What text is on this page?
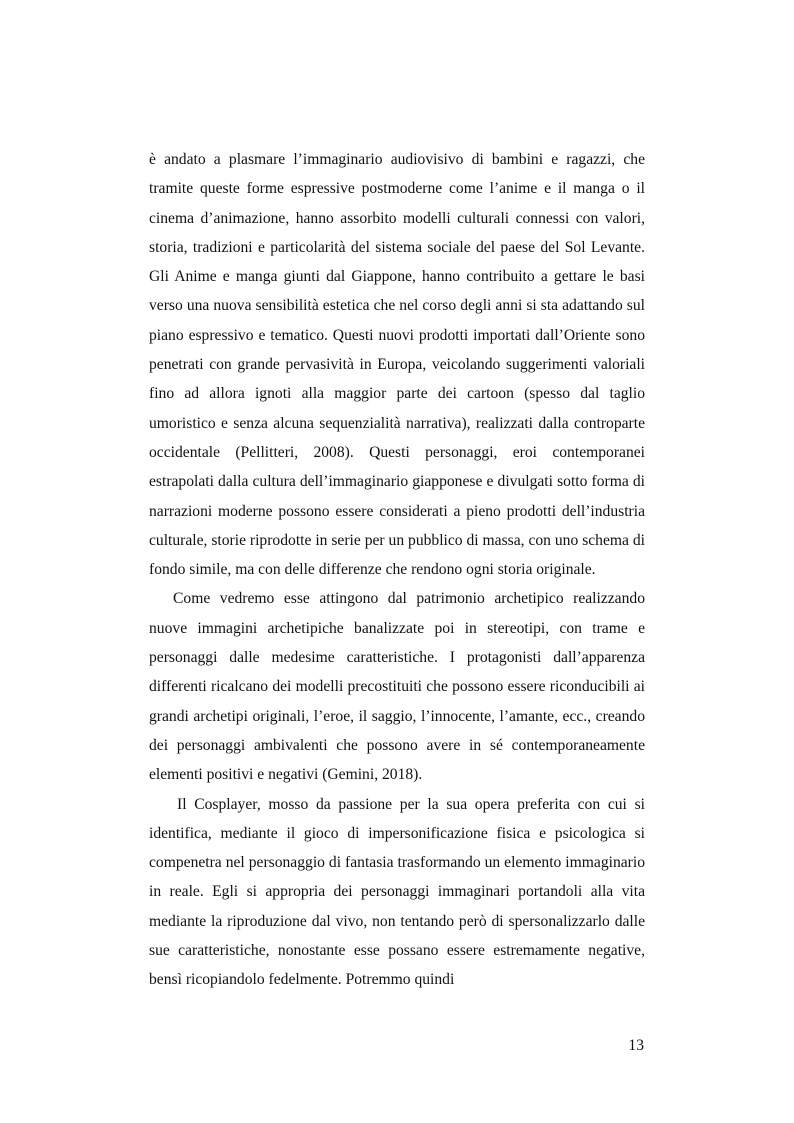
è andato a plasmare l’immaginario audiovisivo di bambini e ragazzi, che tramite queste forme espressive postmoderne come l’anime e il manga o il cinema d’animazione, hanno assorbito modelli culturali connessi con valori, storia, tradizioni e particolarità del sistema sociale del paese del Sol Levante. Gli Anime e manga giunti dal Giappone, hanno contribuito a gettare le basi verso una nuova sensibilità estetica che nel corso degli anni si sta adattando sul piano espressivo e tematico. Questi nuovi prodotti importati dall’Oriente sono penetrati con grande pervasività in Europa, veicolando suggerimenti valoriali fino ad allora ignoti alla maggior parte dei cartoon (spesso dal taglio umoristico e senza alcuna sequenzialità narrativa), realizzati dalla controparte occidentale (Pellitteri, 2008). Questi personaggi, eroi contemporanei estrapolati dalla cultura dell’immaginario giapponese e divulgati sotto forma di narrazioni moderne possono essere considerati a pieno prodotti dell’industria culturale, storie riprodotte in serie per un pubblico di massa, con uno schema di fondo simile, ma con delle differenze che rendono ogni storia originale.

Come vedremo esse attingono dal patrimonio archetipico realizzando nuove immagini archetipiche banalizzate poi in stereotipi, con trame e personaggi dalle medesime caratteristiche. I protagonisti dall’apparenza differenti ricalcano dei modelli precostituiti che possono essere riconducibili ai grandi archetipi originali, l’eroe, il saggio, l’innocente, l’amante, ecc., creando dei personaggi ambivalenti che possono avere in sé contemporaneamente elementi positivi e negativi (Gemini, 2018).

Il Cosplayer, mosso da passione per la sua opera preferita con cui si identifica, mediante il gioco di impersonificazione fisica e psicologica si compenetra nel personaggio di fantasia trasformando un elemento immaginario in reale. Egli si appropria dei personaggi immaginari portandoli alla vita mediante la riproduzione dal vivo, non tentando però di spersonalizzarlo dalle sue caratteristiche, nonostante esse possano essere estremamente negative, bensì ricopiandolo fedelmente. Potremmo quindi

13
